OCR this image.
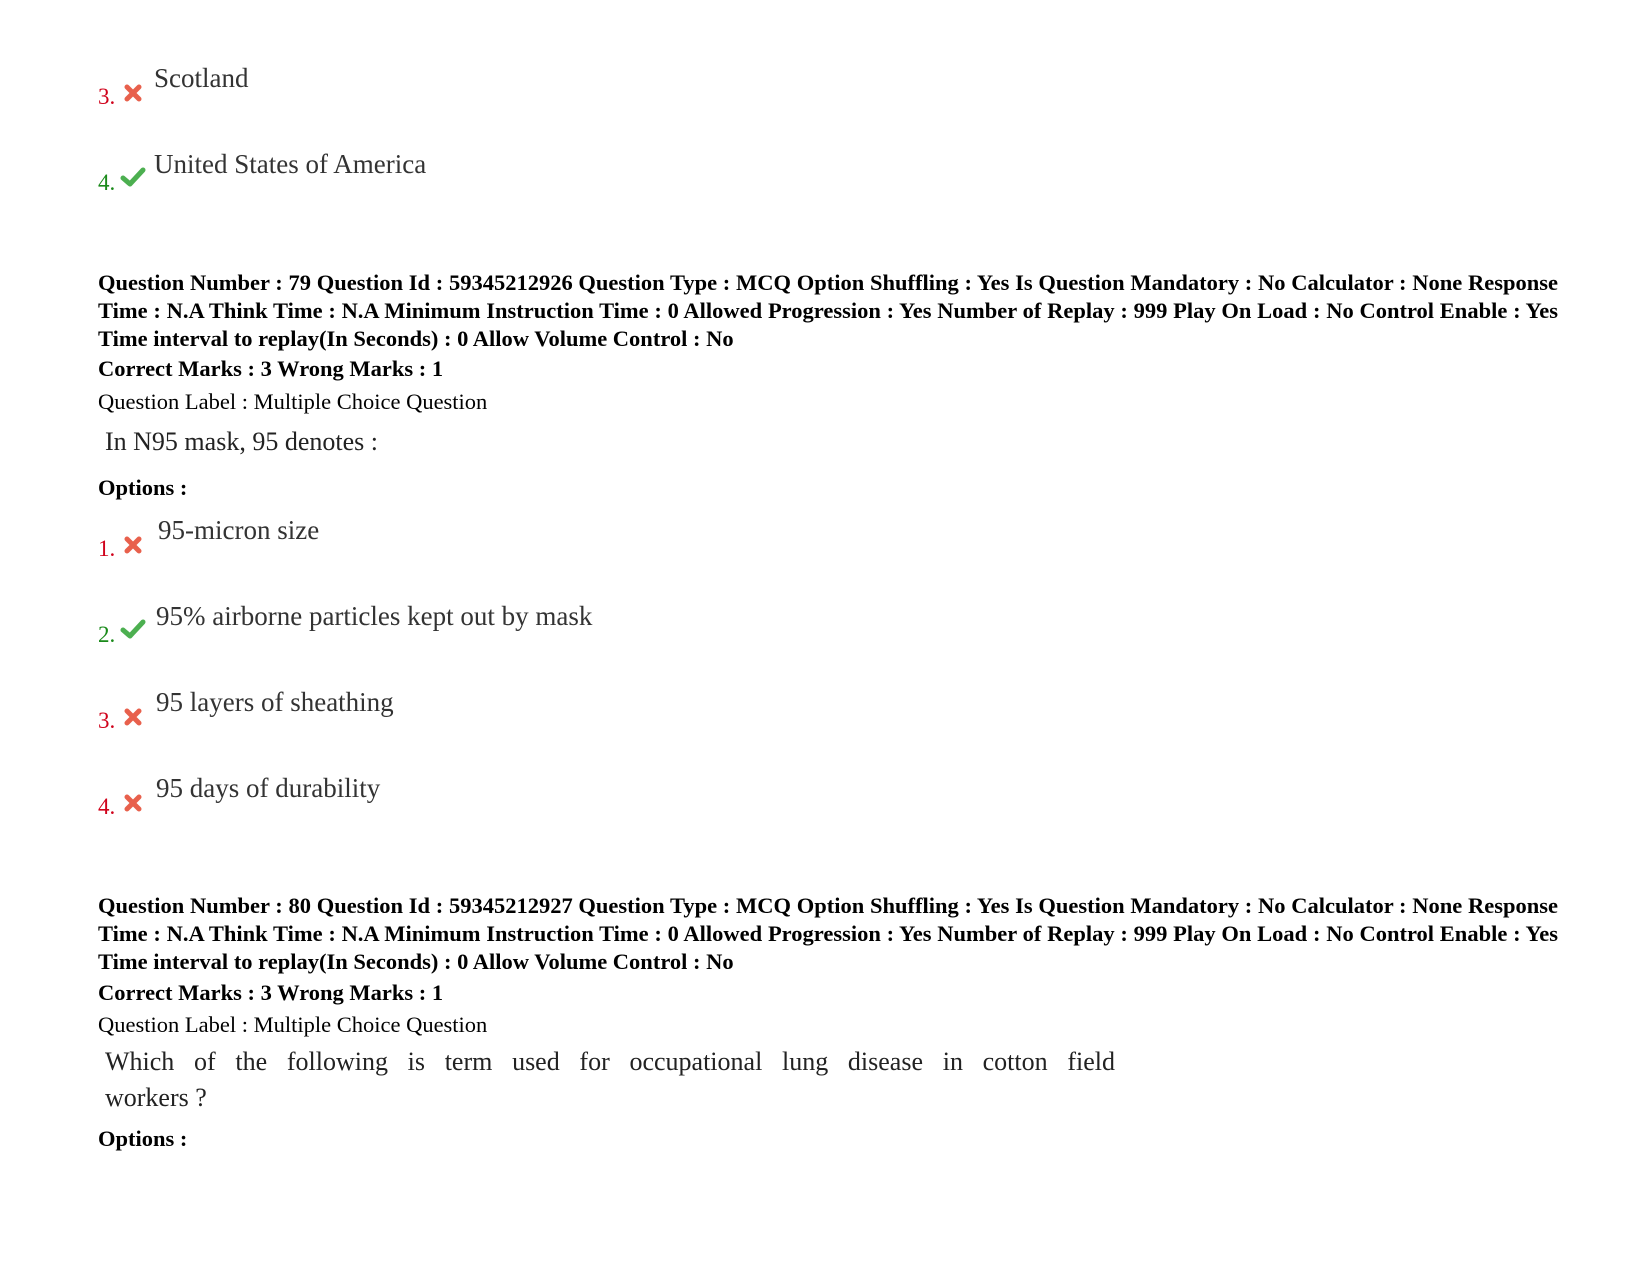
3.
Scotland
4.
United States of America
Question Number : 79 Question Id : 59345212926 Question Type : MCQ Option Shuffling : Yes Is Question Mandatory : No Calculator : None Response Time : N.A Think Time : N.A Minimum Instruction Time : 0 Allowed Progression : Yes Number of Replay : 999 Play On Load : No Control Enable : Yes Time interval to replay(In Seconds) : 0 Allow Volume Control : No
Correct Marks : 3 Wrong Marks : 1
Question Label : Multiple Choice Question
In N95 mask, 95 denotes :
Options :
1.
95-micron size
2.
95% airborne particles kept out by mask
3.
95 layers of sheathing
4.
95 days of durability
Question Number : 80 Question Id : 59345212927 Question Type : MCQ Option Shuffling : Yes Is Question Mandatory : No Calculator : None Response Time : N.A Think Time : N.A Minimum Instruction Time : 0 Allowed Progression : Yes Number of Replay : 999 Play On Load : No Control Enable : Yes Time interval to replay(In Seconds) : 0 Allow Volume Control : No
Correct Marks : 3 Wrong Marks : 1
Question Label : Multiple Choice Question
Which of the following is term used for occupational lung disease in cotton field
workers ?
Options :
